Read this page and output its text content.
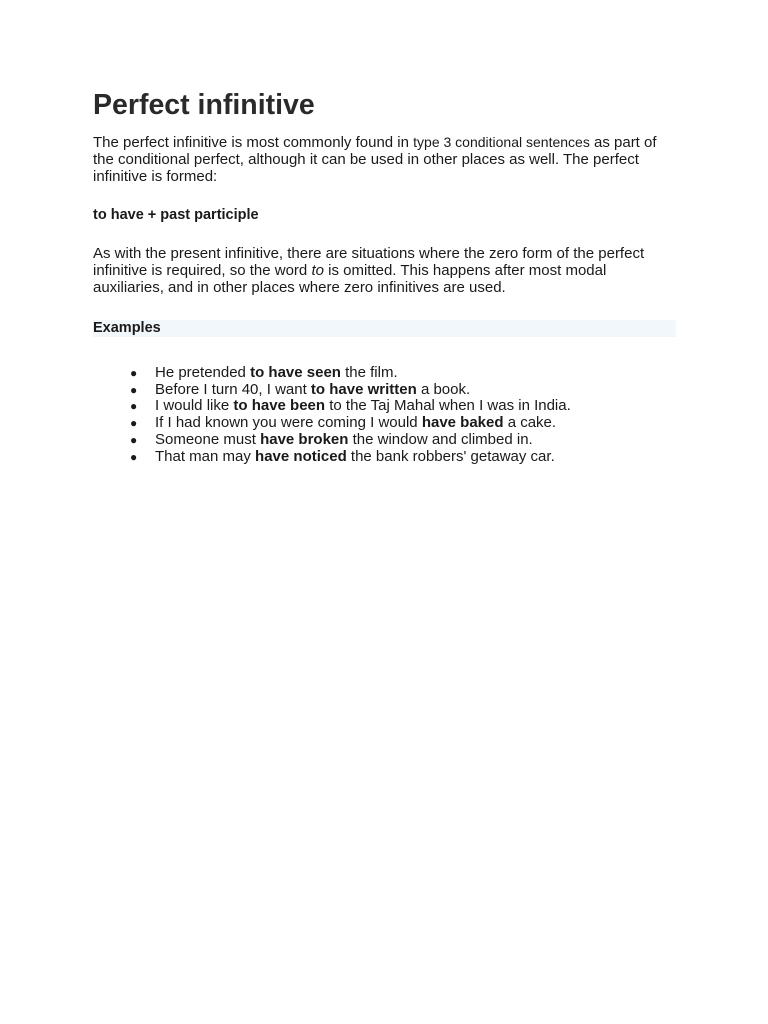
Perfect infinitive

The perfect infinitive is most commonly found in type 3 conditional sentences as part of the conditional perfect, although it can be used in other places as well. The perfect infinitive is formed:

to have + past participle

As with the present infinitive, there are situations where the zero form of the perfect infinitive is required, so the word to is omitted. This happens after most modal auxiliaries, and in other places where zero infinitives are used.

Examples
● He pretended to have seen the film.
● Before I turn 40, I want to have written a book.
● I would like to have been to the Taj Mahal when I was in India.
● If I had known you were coming I would have baked a cake.
● Someone must have broken the window and climbed in.
● That man may have noticed the bank robbers' getaway car.
